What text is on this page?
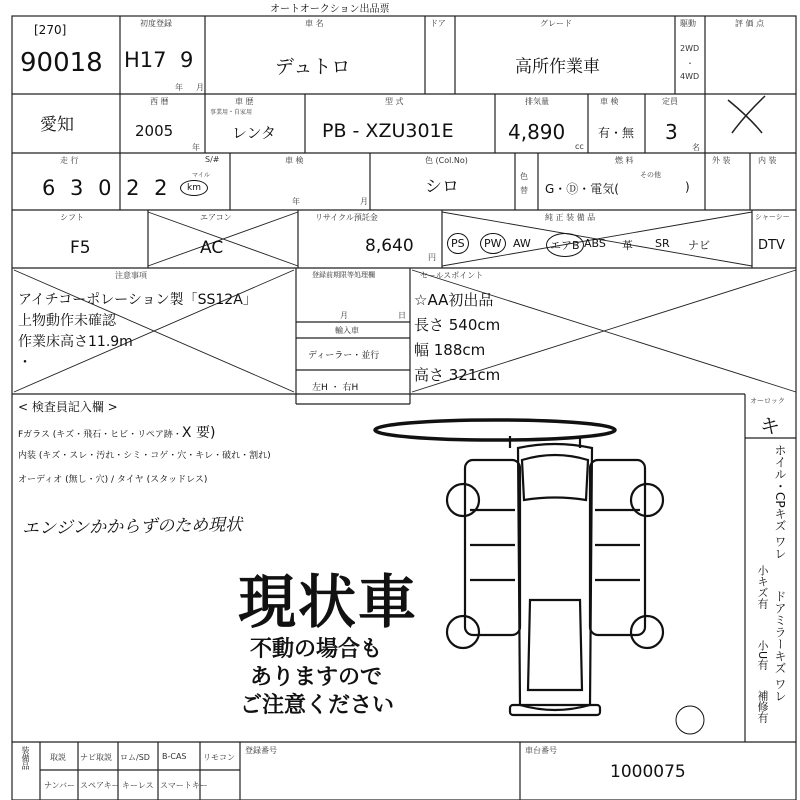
オートオークション出品票
[270]
90018
初度登録
H17 9
年 月
車 名
デュトロ
ドア	グレード
高所作業車
駆動
2WD
・
4WD
評 価 点
愛知
西 暦
2005
年
車 歴
事業用・自家用
レンタ
型 式
PB - XZU301E
排気量
4,890
cc
車 検
有・無
定員
3
名
走 行
6 3 0 2 2
マイル
km
S/#	車 検
年	月
色 (Col.No)
シロ
色替
燃 料
G・Ⓓ・電気(
その他
)
外 装	内 装
シフト
F5
エアコン
AC
リサイクル預託金
8,640
円
純 正 装 備 品
PS	PW	AW	エアB ABS 革 SR ナビ
シャーシー
DTV
注意事項
アイチコーポレーション製「SS12A」
上物動作未確認
作業床高さ11.9m
・
登録前期限等処理欄
月	日
輸入車
ディーラー・並行
左H ・ 右H
セールスポイント
☆AA初出品
長さ 540cm
幅 188cm
高さ 321cm
< 検査員記入欄 >
Fガラス (キズ・飛石・ヒビ・リペア跡・X 要)
内装 (キズ・スレ・汚れ・シミ・コゲ・穴・キレ・破れ・割れ)
オーディオ (無し・穴) / タイヤ (スタッドレス)
エンジンかからずのため現状
現状車
不動の場合も
ありますので
ご注意ください
オーロック
キ
ホイル・CPキズ ワレ
小キズ有
ドアミラーキズ ワレ
小U有
補修有
装備品	取説 ナビ取説 ロム/SD B-CAS リモコン
ナンバー スペアキー キーレス スマートキー
登録番号	車台番号
1000075
